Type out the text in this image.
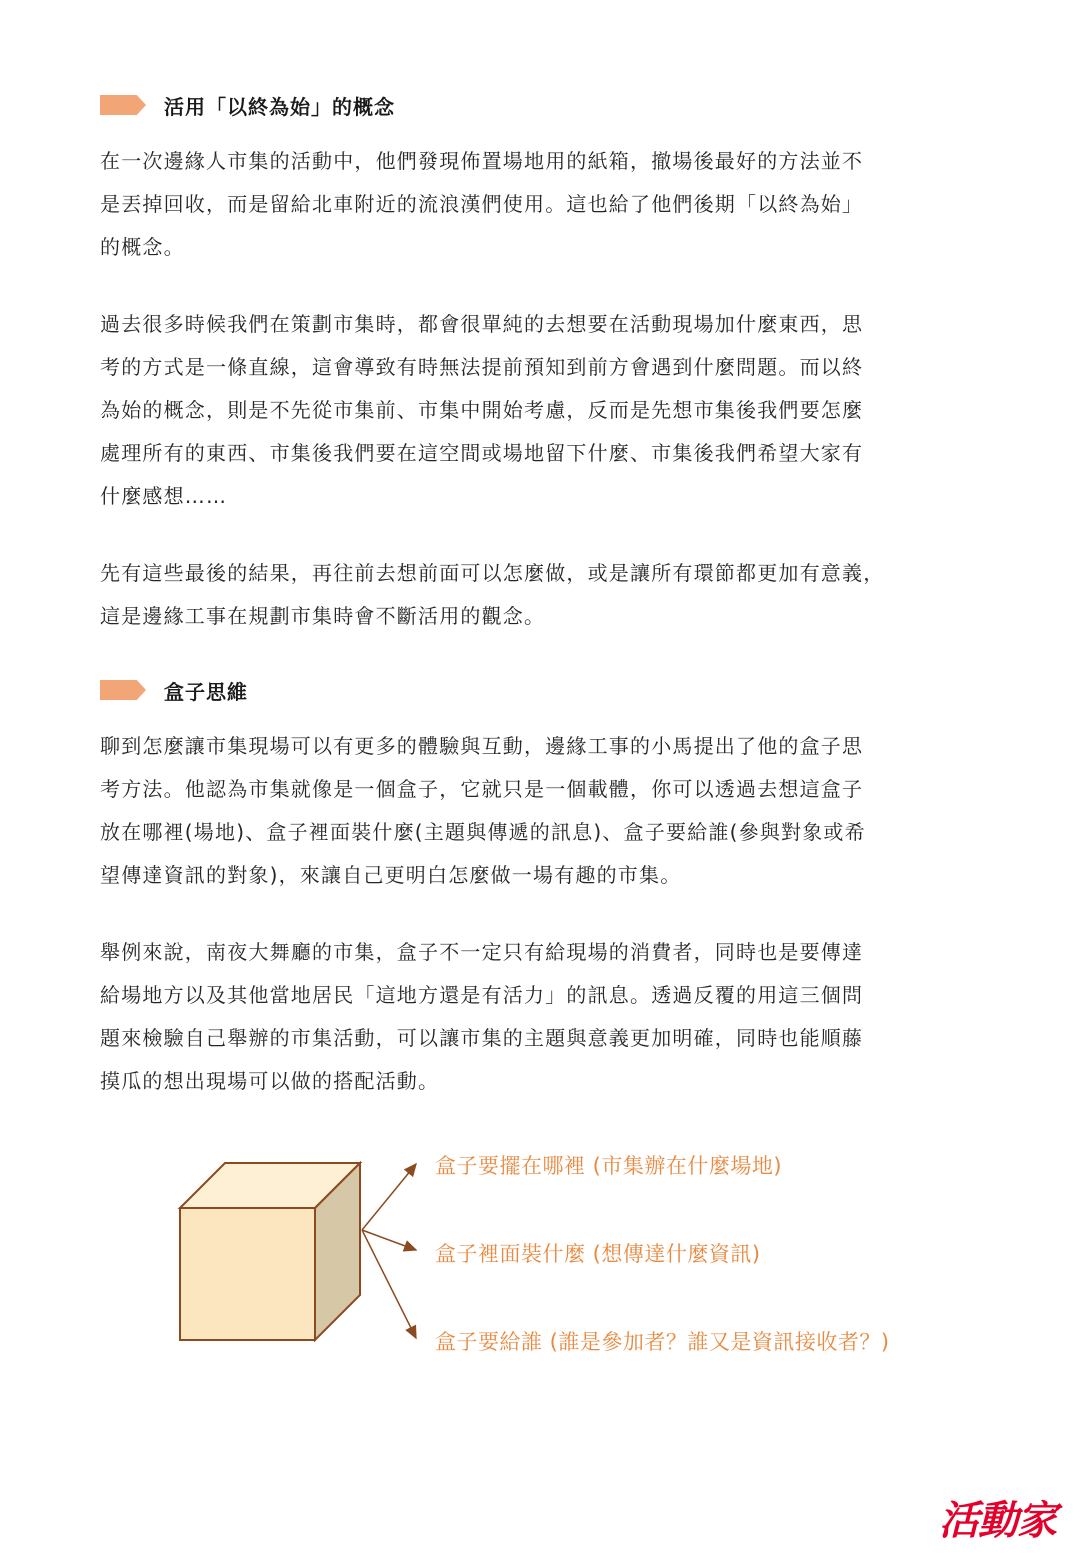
活用「以終為始」的概念

在一次邊緣人市集的活動中，他們發現佈置場地用的紙箱，撤場後最好的方法並不
是丟掉回收，而是留給北車附近的流浪漢們使用。這也給了他們後期「以終為始」
的概念。

過去很多時候我們在策劃市集時，都會很單純的去想要在活動現場加什麼東西，思
考的方式是一條直線，這會導致有時無法提前預知到前方會遇到什麼問題。而以終
為始的概念，則是不先從市集前、市集中開始考慮，反而是先想市集後我們要怎麼
處理所有的東西、市集後我們要在這空間或場地留下什麼、市集後我們希望大家有
什麼感想……

先有這些最後的結果，再往前去想前面可以怎麼做，或是讓所有環節都更加有意義，
這是邊緣工事在規劃市集時會不斷活用的觀念。

盒子思維

聊到怎麼讓市集現場可以有更多的體驗與互動，邊緣工事的小馬提出了他的盒子思
考方法。他認為市集就像是一個盒子，它就只是一個載體，你可以透過去想這盒子
放在哪裡(場地)、盒子裡面裝什麼(主題與傳遞的訊息)、盒子要給誰(參與對象或希
望傳達資訊的對象)，來讓自己更明白怎麼做一場有趣的市集。

舉例來說，南夜大舞廳的市集，盒子不一定只有給現場的消費者，同時也是要傳達
給場地方以及其他當地居民「這地方還是有活力」的訊息。透過反覆的用這三個問
題來檢驗自己舉辦的市集活動，可以讓市集的主題與意義更加明確，同時也能順藤
摸瓜的想出現場可以做的搭配活動。

盒子要擺在哪裡 (市集辦在什麼場地)
盒子裡面裝什麼 (想傳達什麼資訊)
盒子要給誰 (誰是參加者？誰又是資訊接收者？)
活動家
